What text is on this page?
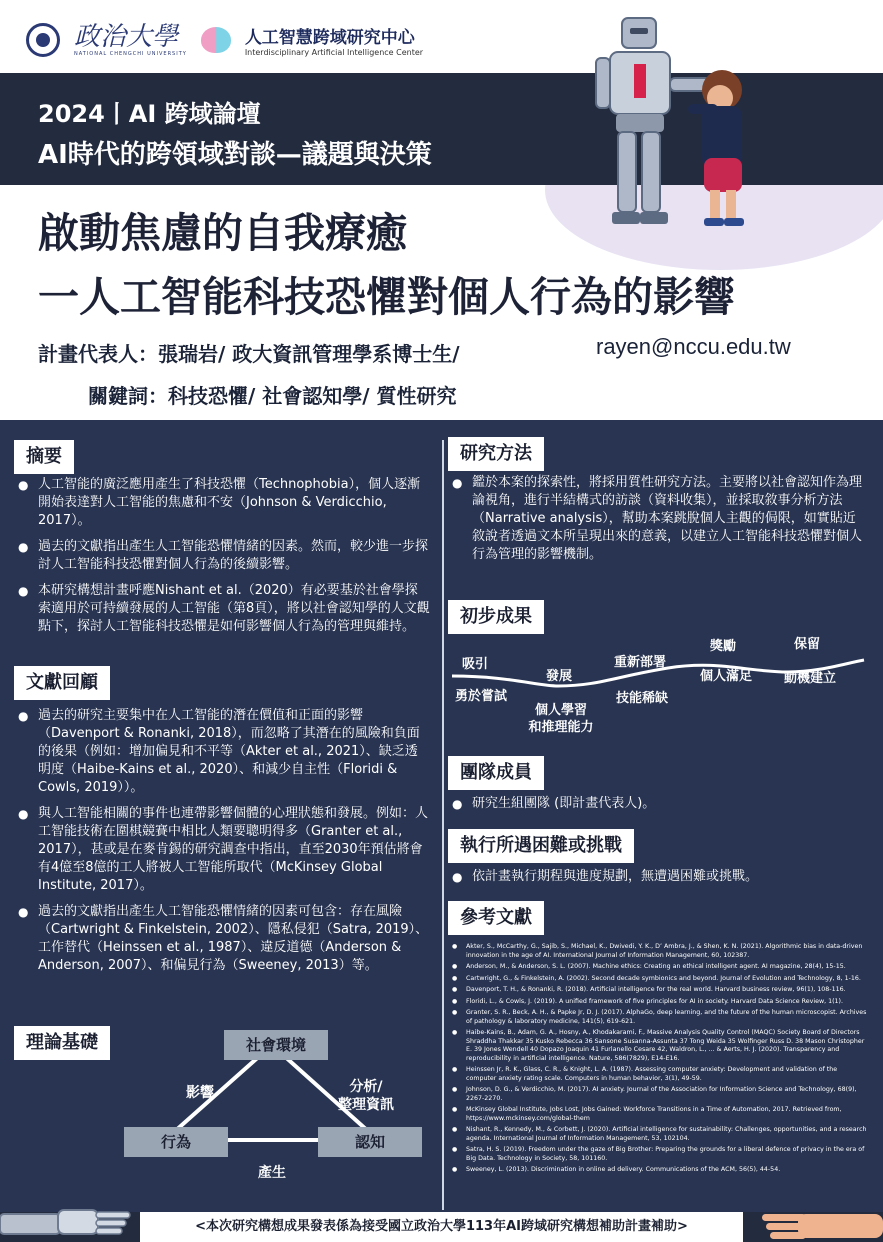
政治大學
NATIONAL CHENGCHI UNIVERSITY
人工智慧跨域研究中心
Interdisciplinary Artificial Intelligence Center
2024丨AI 跨域論壇
AI時代的跨領域對談—議題與決策
啟動焦慮的自我療癒
一人工智能科技恐懼對個人行為的影響
計畫代表人：張瑞岩/ 政大資訊管理學系博士生/	rayen@nccu.edu.tw
關鍵詞：科技恐懼/ 社會認知學/ 質性研究
摘要
● 人工智能的廣泛應用產生了科技恐懼（Technophobia），個人逐漸開始表達對人工智能的焦慮和不安（Johnson & Verdicchio, 2017）。
● 過去的文獻指出產生人工智能恐懼情緒的因素。然而，較少進一步探討人工智能科技恐懼對個人行為的後續影響。
● 本研究構想計畫呼應Nishant et al.（2020）有必要基於社會學探索適用於可持續發展的人工智能（第8頁），將以社會認知學的人文觀點下，探討人工智能科技恐懼是如何影響個人行為的管理與維持。
文獻回顧
● 過去的研究主要集中在人工智能的潛在價值和正面的影響（Davenport & Ronanki, 2018），而忽略了其潛在的風險和負面的後果（例如：增加偏見和不平等（Akter et al., 2021）、缺乏透明度（Haibe-Kains et al., 2020）、和減少自主性（Floridi & Cowls, 2019））。
● 與人工智能相關的事件也連帶影響個體的心理狀態和發展。例如：人工智能技術在圍棋競賽中相比人類要聰明得多（Granter et al., 2017），甚或是在麥肯錫的研究調查中指出，直至2030年預估將會有4億至8億的工人將被人工智能所取代（McKinsey Global Institute, 2017）。
● 過去的文獻指出產生人工智能恐懼情緒的因素可包含：存在風險（Cartwright & Finkelstein, 2002）、隱私侵犯（Satra, 2019）、工作替代（Heinssen et al., 1987）、違反道德（Anderson & Anderson, 2007）、和偏見行為（Sweeney, 2013）等。
理論基礎	社會環境
行為	認知
影響	分析/
整理資訊
產生
研究方法
● 鑑於本案的探索性，將採用質性研究方法。主要將以社會認知作為理論視角，進行半結構式的訪談（資料收集），並採取敘事分析方法（Narrative analysis），幫助本案跳脫個人主觀的侷限，如實貼近敘說者透過文本所呈現出來的意義，以建立人工智能科技恐懼對個人行為管理的影響機制。
初步成果
吸引
勇於嘗試
發展
個人學習
和推理能力
重新部署
技能稀缺
獎勵
個人滿足
保留
動機建立
團隊成員
● 研究生組團隊 (即計畫代表人)。
執行所遇困難或挑戰
● 依計畫執行期程與進度規劃，無遭遇困難或挑戰。
參考文獻
● Akter, S., McCarthy, G., Sajib, S., Michael, K., Dwivedi, Y. K., D’ Ambra, J., & Shen, K. N. (2021). Algorithmic bias in data-driven innovation in the age of AI. International Journal of Information Management, 60, 102387.
● Anderson, M., & Anderson, S. L. (2007). Machine ethics: Creating an ethical intelligent agent. AI magazine, 28(4), 15-15.
● Cartwright, G., & Finkelstein, A. (2002). Second decade symbionics and beyond. Journal of Evolution and Technology, 8, 1-16.
● Davenport, T. H., & Ronanki, R. (2018). Artificial intelligence for the real world. Harvard business review, 96(1), 108-116.
● Floridi, L., & Cowls, J. (2019). A unified framework of five principles for AI in society. Harvard Data Science Review, 1(1).
● Granter, S. R., Beck, A. H., & Papke Jr, D. J. (2017). AlphaGo, deep learning, and the future of the human microscopist. Archives of pathology & laboratory medicine, 141(5), 619-621.
● Haibe-Kains, B., Adam, G. A., Hosny, A., Khodakarami, F., Massive Analysis Quality Control (MAQC) Society Board of Directors Shraddha Thakkar 35 Kusko Rebecca 36 Sansone Susanna-Assunta 37 Tong Weida 35 Wolfinger Russ D. 38 Mason Christopher E. 39 Jones Wendell 40 Dopazo Joaquin 41 Furlanello Cesare 42, Waldron, L., ... & Aerts, H. J. (2020). Transparency and reproducibility in artificial intelligence. Nature, 586(7829), E14-E16.
● Heinssen Jr, R. K., Glass, C. R., & Knight, L. A. (1987). Assessing computer anxiety: Development and validation of the computer anxiety rating scale. Computers in human behavior, 3(1), 49-59.
● Johnson, D. G., & Verdicchio, M. (2017). AI anxiety. Journal of the Association for Information Science and Technology, 68(9), 2267-2270.
● McKinsey Global Institute, Jobs Lost, Jobs Gained: Workforce Transitions in a Time of Automation, 2017. Retrieved from, https://www.mckinsey.com/global-them
● Nishant, R., Kennedy, M., & Corbett, J. (2020). Artificial intelligence for sustainability: Challenges, opportunities, and a research agenda. International Journal of Information Management, 53, 102104.
● Satra, H. S. (2019). Freedom under the gaze of Big Brother: Preparing the grounds for a liberal defence of privacy in the era of Big Data. Technology in Society, 58, 101160.
● Sweeney, L. (2013). Discrimination in online ad delivery. Communications of the ACM, 56(5), 44-54.
<本次研究構想成果發表係為接受國立政治大學113年AI跨域研究構想補助計畫補助>
